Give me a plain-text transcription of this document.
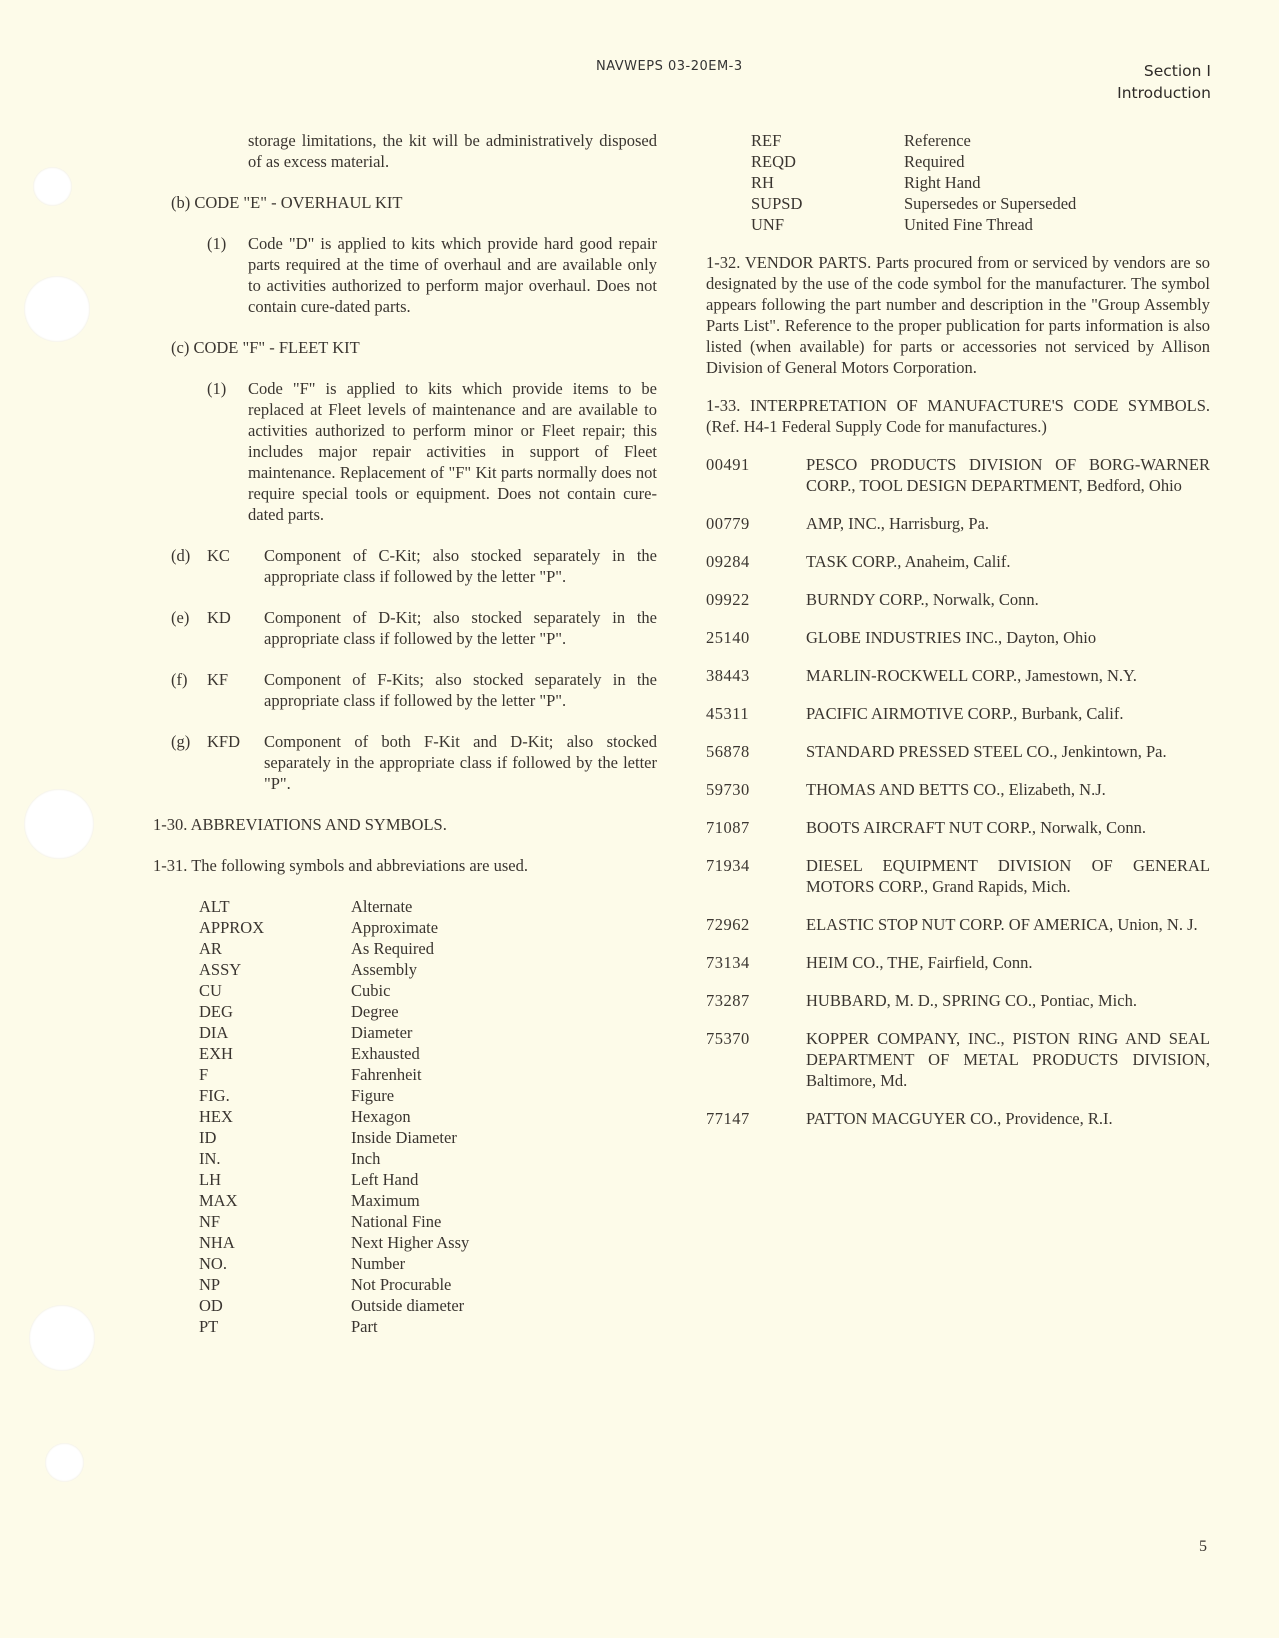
NAVWEPS 03-20EM-3	Section I
Introduction

storage limitations, the kit will be administratively disposed of as excess material.

(b) CODE "E" - OVERHAUL KIT

(1)	Code "D" is applied to kits which provide hard good repair parts required at the time of overhaul and are available only to activities authorized to perform major overhaul. Does not contain cure-dated parts.

(c) CODE "F" - FLEET KIT

(1)	Code "F" is applied to kits which provide items to be replaced at Fleet levels of maintenance and are available to activities authorized to perform minor or Fleet repair; this includes major repair activities in support of Fleet maintenance. Replacement of "F" Kit parts normally does not require special tools or equipment. Does not contain cure-dated parts.
(d) KC	Component of C-Kit; also stocked separately in the appropriate class if followed by the letter "P".
(e) KD	Component of D-Kit; also stocked separately in the appropriate class if followed by the letter "P".
(f) KF	Component of F-Kits; also stocked separately in the appropriate class if followed by the letter "P".
(g) KFD	Component of both F-Kit and D-Kit; also stocked separately in the appropriate class if followed by the letter "P".

1-30. ABBREVIATIONS AND SYMBOLS.

1-31. The following symbols and abbreviations are used.

ALT	Alternate
APPROX	Approximate
AR	As Required
ASSY	Assembly
CU	Cubic
DEG	Degree
DIA	Diameter
EXH	Exhausted
F	Fahrenheit
FIG.	Figure
HEX	Hexagon
ID	Inside Diameter
IN.	Inch
LH	Left Hand
MAX	Maximum
NF	National Fine
NHA	Next Higher Assy
NO.	Number
NP	Not Procurable
OD	Outside diameter
PT	Part
REF	Reference
REQD	Required
RH	Right Hand
SUPSD	Supersedes or Superseded
UNF	United Fine Thread

1-32. VENDOR PARTS. Parts procured from or serviced by vendors are so designated by the use of the code symbol for the manufacturer. The symbol appears following the part number and description in the "Group Assembly Parts List". Reference to the proper publication for parts information is also listed (when available) for parts or accessories not serviced by Allison Division of General Motors Corporation.

1-33. INTERPRETATION OF MANUFACTURE'S CODE SYMBOLS. (Ref. H4-1 Federal Supply Code for manufactures.)

00491	PESCO PRODUCTS DIVISION OF BORG-WARNER CORP., TOOL DESIGN DEPARTMENT, Bedford, Ohio
00779	AMP, INC., Harrisburg, Pa.
09284	TASK CORP., Anaheim, Calif.
09922	BURNDY CORP., Norwalk, Conn.
25140	GLOBE INDUSTRIES INC., Dayton, Ohio
38443	MARLIN-ROCKWELL CORP., Jamestown, N.Y.
45311	PACIFIC AIRMOTIVE CORP., Burbank, Calif.
56878	STANDARD PRESSED STEEL CO., Jenkintown, Pa.
59730	THOMAS AND BETTS CO., Elizabeth, N.J.
71087	BOOTS AIRCRAFT NUT CORP., Norwalk, Conn.
71934	DIESEL EQUIPMENT DIVISION OF GENERAL MOTORS CORP., Grand Rapids, Mich.
72962	ELASTIC STOP NUT CORP. OF AMERICA, Union, N. J.
73134	HEIM CO., THE, Fairfield, Conn.
73287	HUBBARD, M. D., SPRING CO., Pontiac, Mich.
75370	KOPPER COMPANY, INC., PISTON RING AND SEAL DEPARTMENT OF METAL PRODUCTS DIVISION, Baltimore, Md.
77147	PATTON MACGUYER CO., Providence, R.I.
5
